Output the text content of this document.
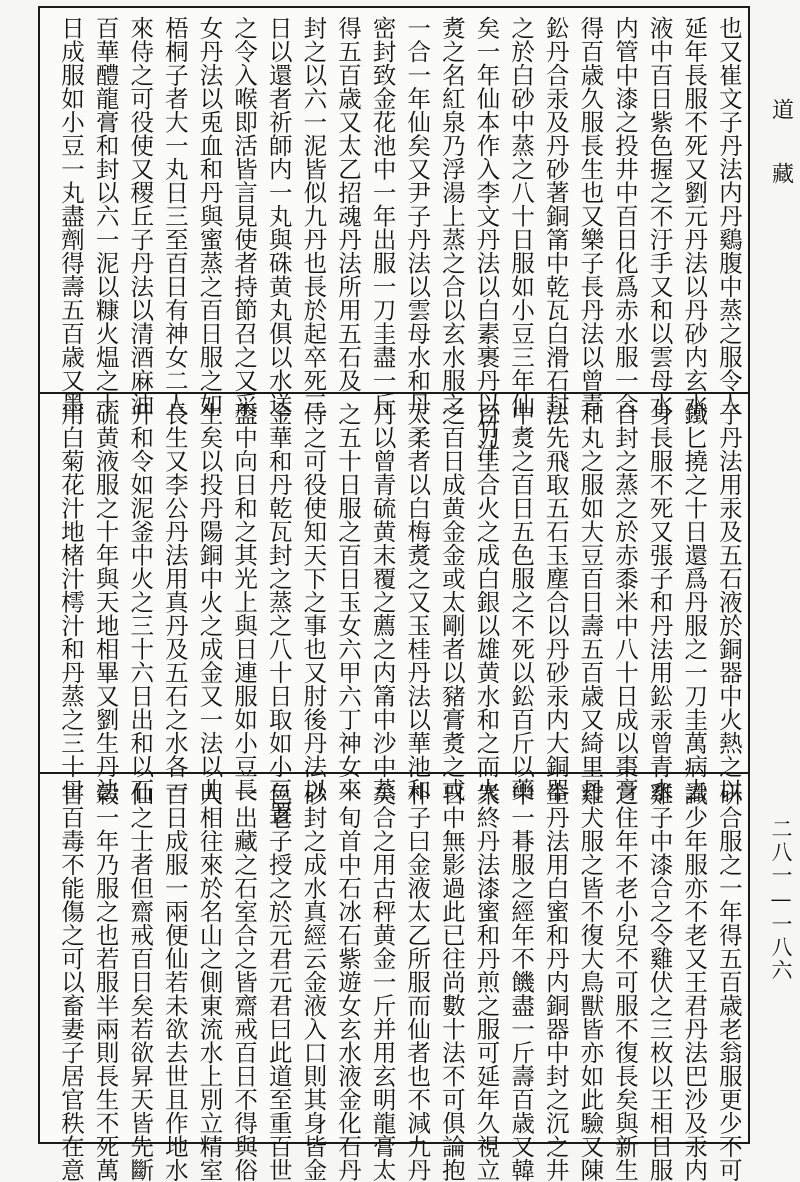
也又崔文子丹法内丹鷄腹中蒸之服令人
延年長服不死又劉元丹法以丹砂内玄水
液中百日紫色握之不汙手又和以雲母水
内管中漆之投井中百日化爲赤水服一合
得百歳久服長生也又樂子長丹法以曾青
鈆丹合汞及丹砂著銅筩中乾瓦白滑石封
之於白砂中蒸之八十日服如小豆三年仙
矣一年仙本作入李文丹法以白素裹丹以竹汁
煑之名紅泉乃浮湯上蒸之合以玄水服之
一合一年仙矣又尹子丹法以雲母水和丹
密封致金花池中一年出服一刀圭盡一斤
得五百歳又太乙招魂丹法所用五石及
封之以六一泥皆似九丹也長於起卒死三
日以還者祈師内一丸與硃黄丸俱以水送
之令入喉即活皆言見使者持節召之又采
女丹法以兎血和丹與蜜蒸之百日服之如
梧桐子者大一丸日三至百日有神女二人
來侍之可役使又稷丘子丹法以清酒麻油
百華醴龍膏和封以六一泥以糠火煴之十
日成服如小豆一丸盡劑得壽五百歳又墨
子丹法用汞及五石液於銅器中火熱之以
鐵匕撓之十日還爲丹服之一刀圭萬病去
身長服不死又張子和丹法用鈆汞曾青水
合封之蒸之於赤黍米中八十日成以棗膏
和丸之服如大豆百日壽五百歳又綺里丹
法先飛取五石玉塵合以丹砂汞内大銅器
中煑之百日五色服之不死以鈆百斤以藥
百刀圭合火之成白銀以雄黄水和之而火
之百日成黄金金或太剛者以豬膏煑之或
太柔者以白梅煑之又玉桂丹法以華池和
丹以曾青硫黄末覆之薦之内筩中沙中蒸
之五十日服之百日玉女六甲六丁神女來
侍之可役使知天下之事也又肘後丹法以
金華和丹乾瓦封之蒸之八十日取如小豆置
盤中向日和之其光上與日連服如小豆長
生矣以投丹陽銅中火之成金又一法以曲
長生又李公丹法用真丹及五石之水各一
升和令如泥釜中火之三十六日出和以石
硫黄液服之十年與天地相畢又劉生丹法
用白菊花汁地楮汁樗汁和丹蒸之三十日
研合服之一年得五百歳老翁服更少不可
識少年服亦不老又王君丹法巴沙及汞内
雞子中漆合之令雞伏之三枚以王相日服
之住年不老小兒不可服不復長矣與新生
雞犬服之皆不復大鳥獸皆亦如此驗又陳
生丹法用白蜜和丹内銅器中封之沉之井
中一朞服之經年不饑盡一斤壽百歳又韓
衆終丹法漆蜜和丹煎之服可延年久視立
日中無影過此已往尚數十法不可俱論抱
朴子曰金液太乙所服而仙者也不減九丹
矣合之用古秤黄金一斤并用玄明龍膏太
一旬首中石冰石紫遊女玄水液金化石丹
砂封之成水真經云金液入口則其身皆金
色老子授之於元君元君曰此道至重百世
一出藏之石室合之皆齋戒百日不得與俗
人相往來於名山之側東流水上別立精室
百日成服一兩便仙若未欲去世且作地水
仙之士者但齋戒百日矣若欲昇天皆先斷
穀一年乃服之也若服半兩則長生不死萬
害百毒不能傷之可以畜妻子居官秩在意
道藏
二八一—一八六
